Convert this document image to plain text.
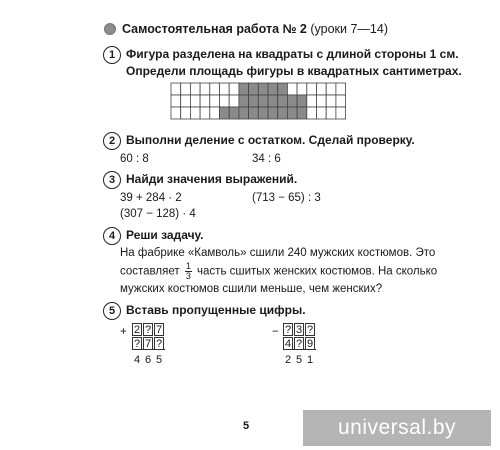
Самостоятельная работа № 2 (уроки 7—14)
1 Фигура разделена на квадраты с длиной стороны 1 см.
Определи площадь фигуры в квадратных сантиметрах.
2 Выполни деление с остатком. Сделай проверку.
60 : 8	34 : 6
3 Найди значения выражений.
39 + 284 · 2	(713 − 65) : 3
(307 − 128) · 4
4 Реши задачу.
На фабрике «Камволь» сшили 240 мужских костюмов. Это
составляет $\frac{1}{3}$ часть сшитых женских костюмов. На сколько
мужских костюмов сшили меньше, чем женских?
5 Вставь пропущенные цифры.
+ 2 ? 7
? 7 ?
4 6 5
− ? 3 ?
4 ? 9
2 5 1
5	universal.by
